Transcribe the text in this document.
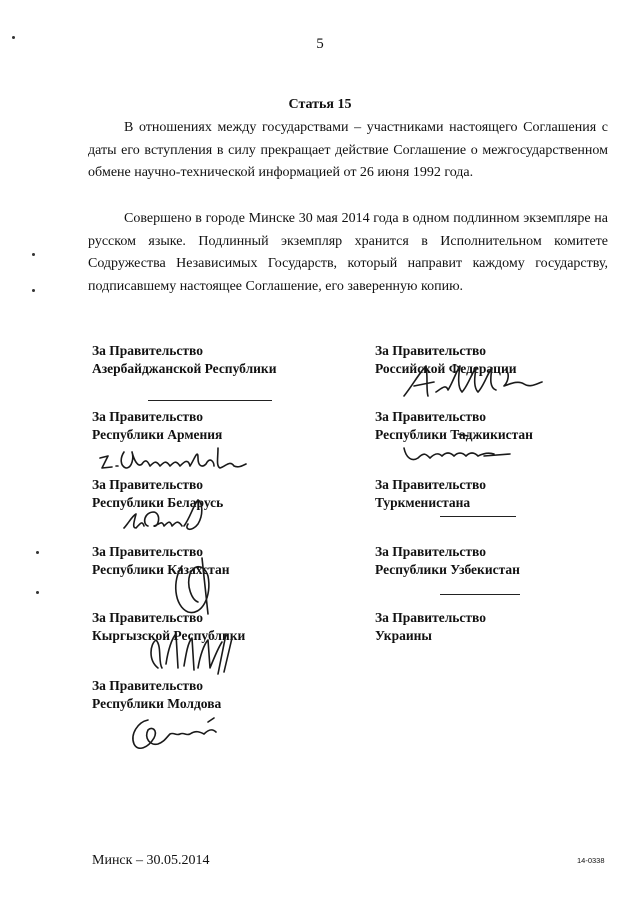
5
Статья 15

В отношениях между государствами – участниками настоящего Соглашения с даты его вступления в силу прекращает действие Соглашение о межгосударственном обмене научно-технической информацией от 26 июня 1992 года.

Совершено в городе Минске 30 мая 2014 года в одном подлинном экземпляре на русском языке. Подлинный экземпляр хранится в Исполнительном комитете Содружества Независимых Государств, который направит каждому государству, подписавшему настоящее Соглашение, его заверенную копию.

За Правительство
Азербайджанской Республики
За Правительство
Республики Армения
За Правительство
Республики Беларусь
За Правительство
Республики Казахстан
За Правительство
Кыргызской Республики
За Правительство
Республики Молдова
За Правительство
Российской Федерации
За Правительство
Республики Таджикистан
За Правительство
Туркменистана
За Правительство
Республики Узбекистан
За Правительство
Украины
Минск – 30.05.2014	14-0338
